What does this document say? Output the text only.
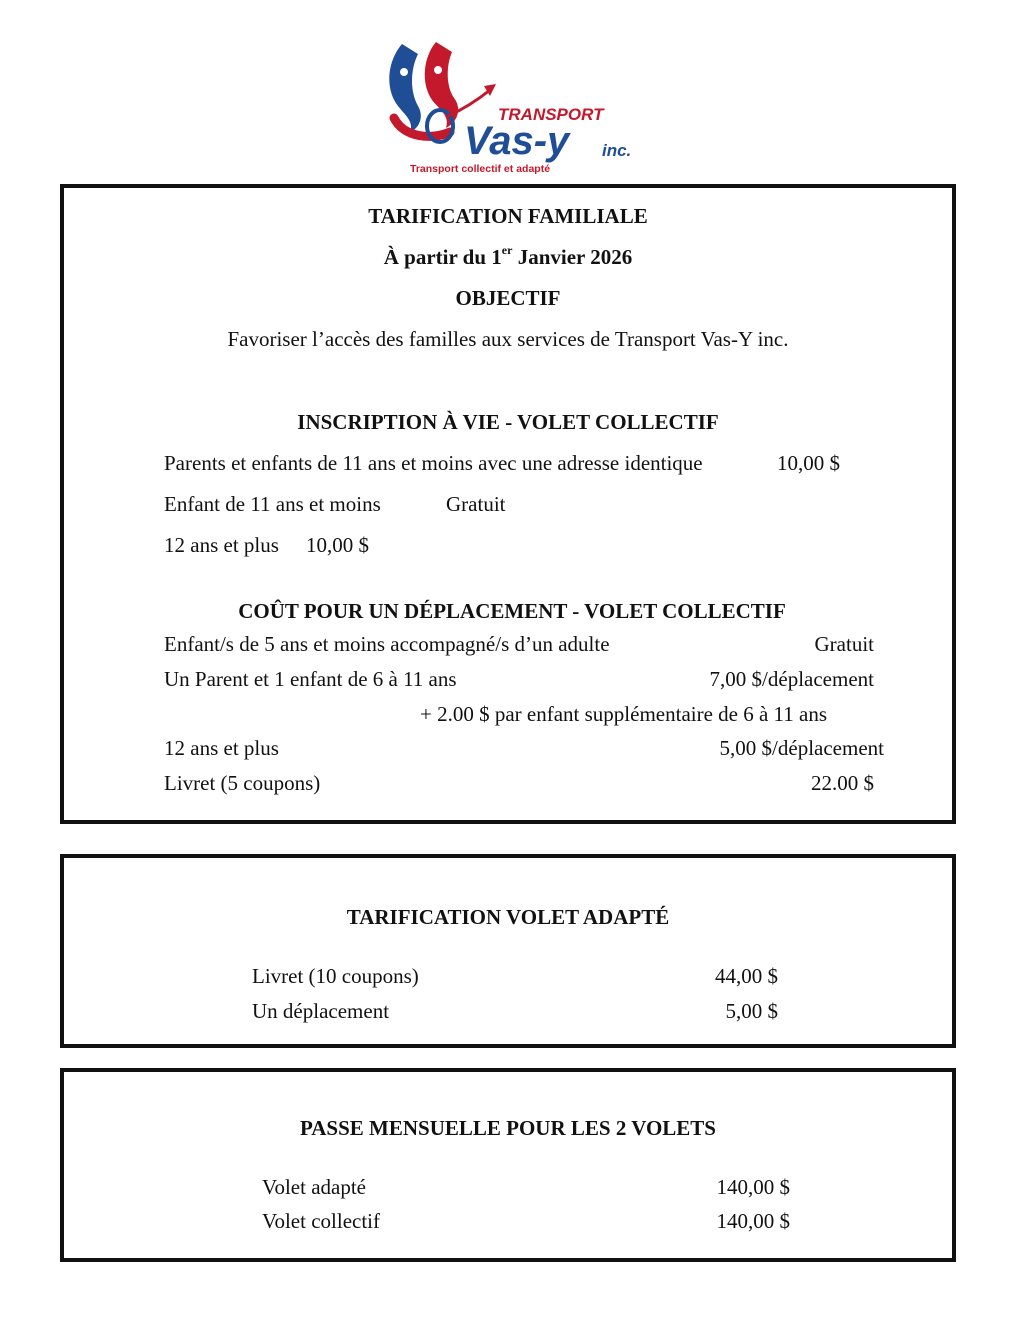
TRANSPORT
Vas-y inc.
Transport collectif et adapté
TARIFICATION FAMILIALE
À partir du 1er Janvier 2026
OBJECTIF
Favoriser l’accès des familles aux services de Transport Vas-Y inc.
INSCRIPTION À VIE - VOLET COLLECTIF
Parents et enfants de 11 ans et moins avec une adresse identique	10,00 $
Enfant de 11 ans et moins	Gratuit
12 ans et plus 10,00 $
COÛT POUR UN DÉPLACEMENT - VOLET COLLECTIF
Enfant/s de 5 ans et moins accompagné/s d’un adulte	Gratuit
Un Parent et 1 enfant de 6 à 11 ans	7,00 $/déplacement
+ 2.00 $ par enfant supplémentaire de 6 à 11 ans
12 ans et plus	5,00 $/déplacement
Livret (5 coupons)	22.00 $
TARIFICATION VOLET ADAPTÉ
Livret (10 coupons)	44,00 $
Un déplacement	5,00 $
PASSE MENSUELLE POUR LES 2 VOLETS
Volet adapté	140,00 $
Volet collectif	140,00 $
